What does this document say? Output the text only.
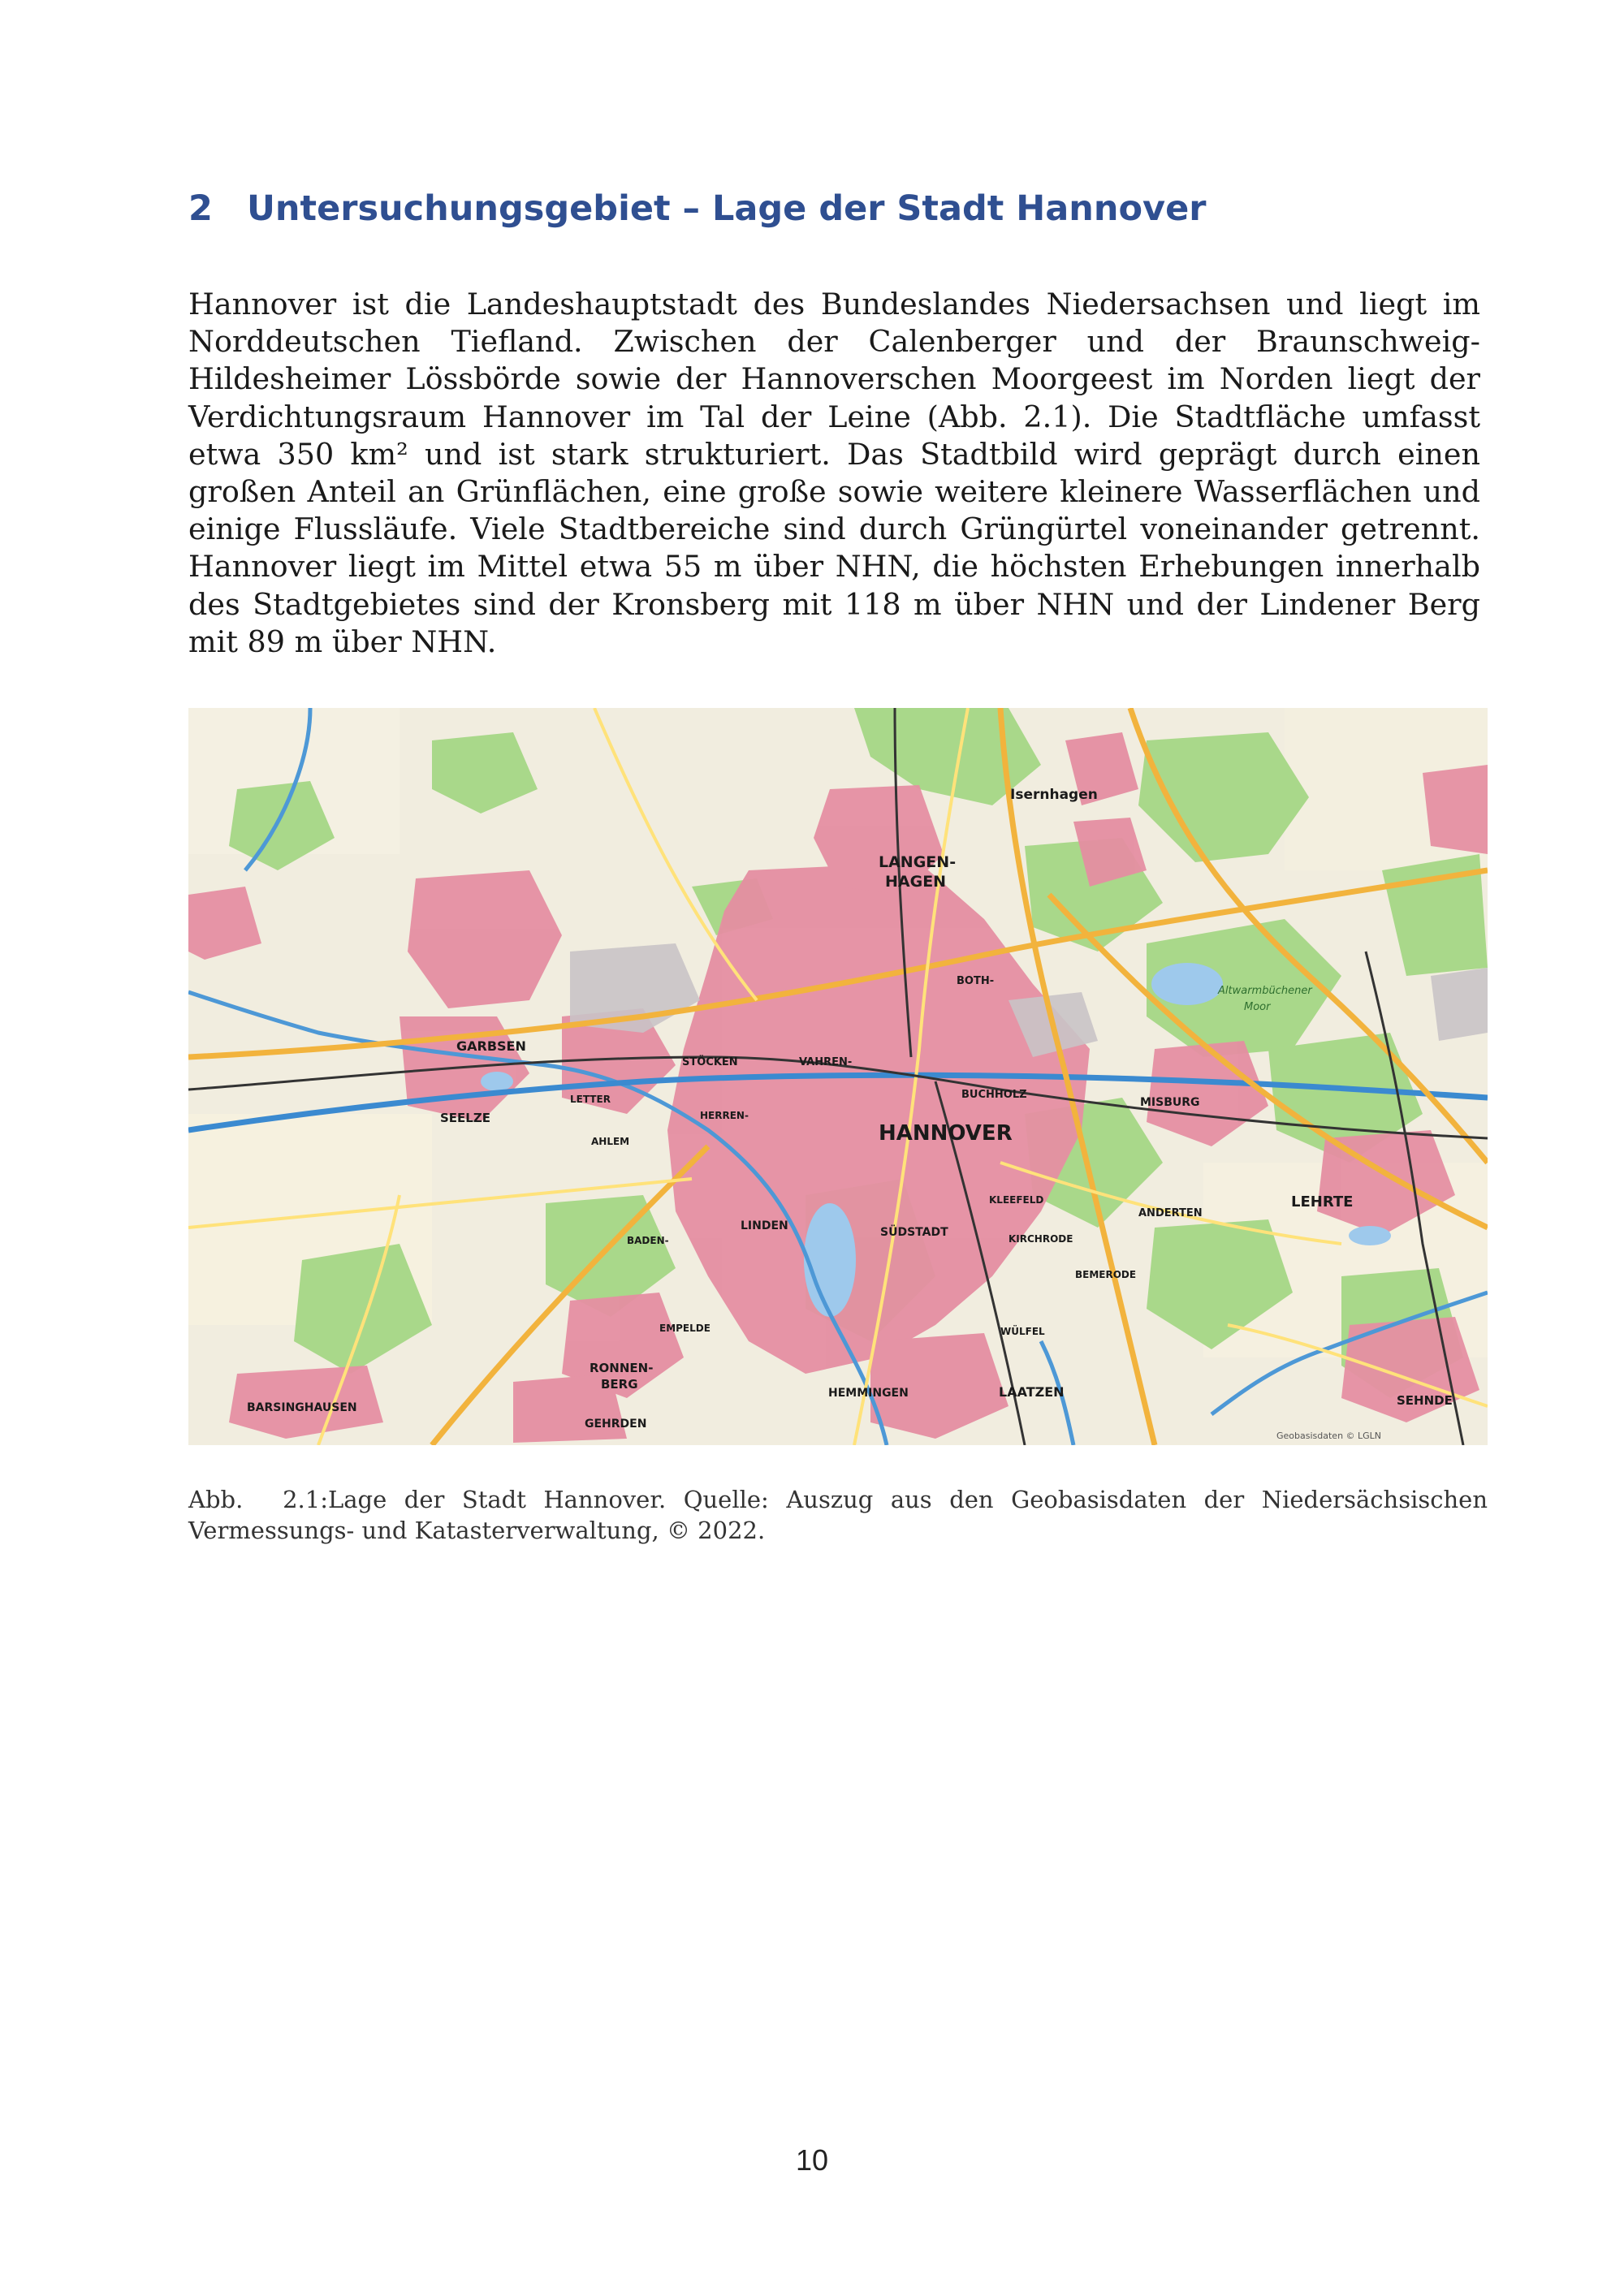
2 Untersuchungsgebiet – Lage der Stadt Hannover
Hannover ist die Landeshauptstadt des Bundeslandes Niedersachsen und liegt im
Norddeutschen Tiefland. Zwischen der Calenberger und der Braunschweig-
Hildesheimer Lössbörde sowie der Hannoverschen Moorgeest im Norden liegt der
Verdichtungsraum Hannover im Tal der Leine (Abb. 2.1). Die Stadtfläche umfasst
etwa 350 km² und ist stark strukturiert. Das Stadtbild wird geprägt durch einen
großen Anteil an Grünflächen, eine große sowie weitere kleinere Wasserflächen und
einige Flussläufe. Viele Stadtbereiche sind durch Grüngürtel voneinander getrennt.
Hannover liegt im Mittel etwa 55 m über NHN, die höchsten Erhebungen innerhalb
des Stadtgebietes sind der Kronsberg mit 118 m über NHN und der Lindener Berg
mit 89 m über NHN.
HANNOVER
LANGEN-
HAGEN
Isernhagen
GARBSEN
SEELZE
LEHRTE
SEHNDE
LAATZEN
HEMMINGEN
RONNEN-
BERG
GEHRDEN
BARSINGHAUSEN
MISBURG
ANDERTEN
SÜDSTADT
LINDEN
STÖCKEN	VAHREN-
BUCHHOLZ
KIRCHRODE
BEMERODE
WÜLFEL
AHLEM
BADEN-
EMPELDE
LETTER
BOTH-
KLEEFELD
HERREN-
Altwarmbüchener
Moor
Geobasisdaten © LGLN
Abb. 2.1:Lage der Stadt Hannover. Quelle: Auszug aus den Geobasisdaten der Niedersächsischen
Vermessungs- und Katasterverwaltung, © 2022.
10
